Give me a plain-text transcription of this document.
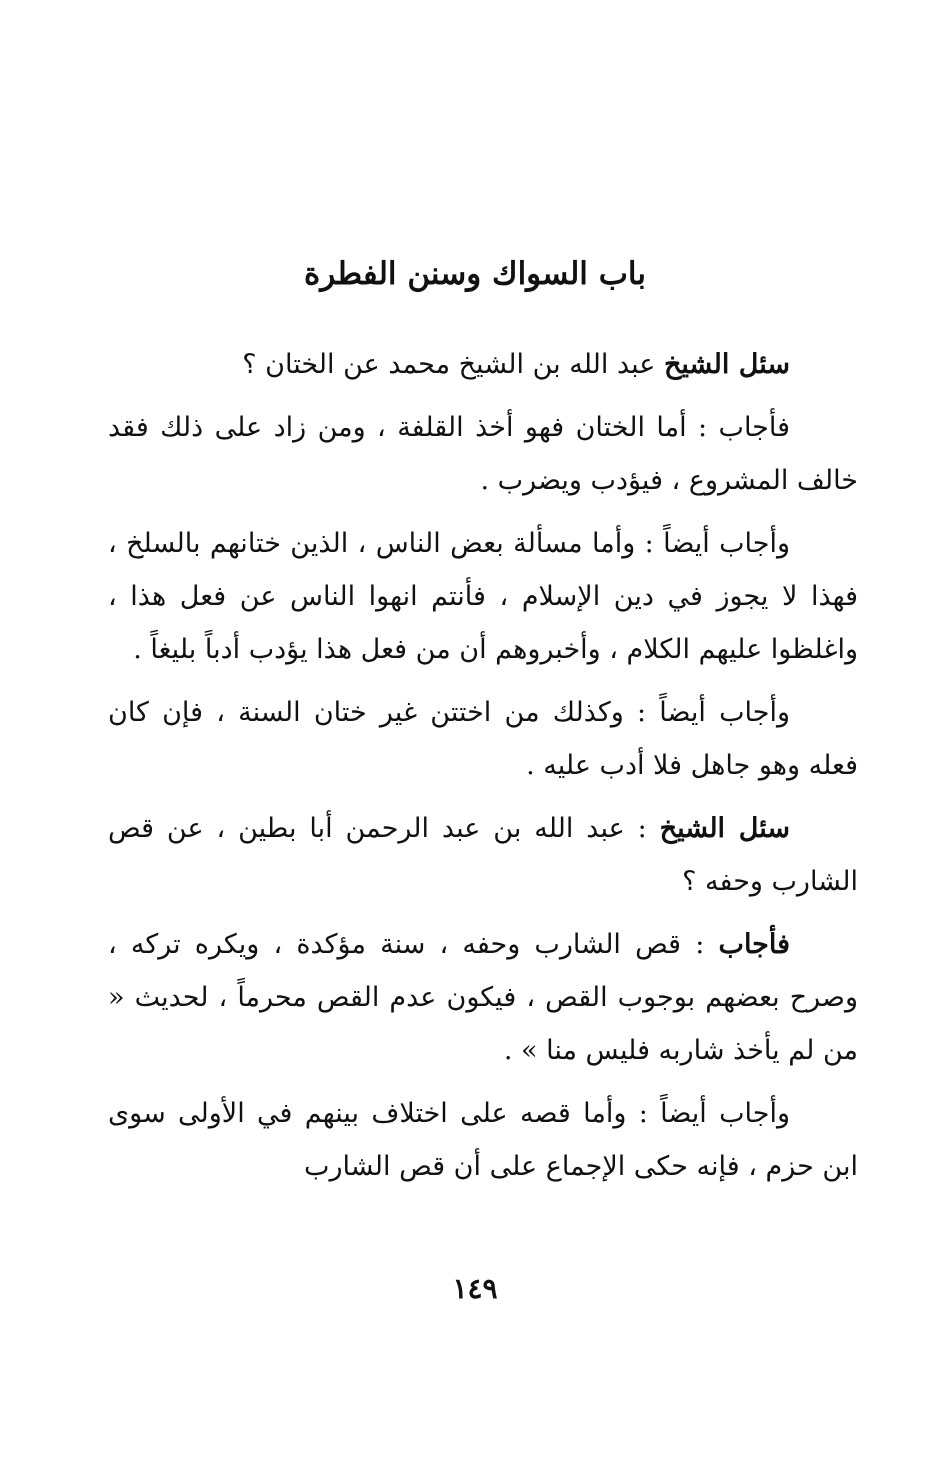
باب السواك وسنن الفطرة

سئل الشيخ عبد الله بن الشيخ محمد عن الختان ؟

فأجاب : أما الختان فهو أخذ القلفة ، ومن زاد على ذلك فقد خالف المشروع ، فيؤدب ويضرب .

وأجاب أيضاً : وأما مسألة بعض الناس ، الذين ختانهم بالسلخ ، فهذا لا يجوز في دين الإسلام ، فأنتم انهوا الناس عن فعل هذا ، واغلظوا عليهم الكلام ، وأخبروهم أن من فعل هذا يؤدب أدباً بليغاً .

وأجاب أيضاً : وكذلك من اختتن غير ختان السنة ، فإن كان فعله وهو جاهل فلا أدب عليه .

سئل الشيخ : عبد الله بن عبد الرحمن أبا بطين ، عن قص الشارب وحفه ؟

فأجاب : قص الشارب وحفه ، سنة مؤكدة ، ويكره تركه ، وصرح بعضهم بوجوب القص ، فيكون عدم القص محرماً ، لحديث « من لم يأخذ شاربه فليس منا » .

وأجاب أيضاً : وأما قصه على اختلاف بينهم في الأولى سوى ابن حزم ، فإنه حكى الإجماع على أن قص الشارب

١٤٩
